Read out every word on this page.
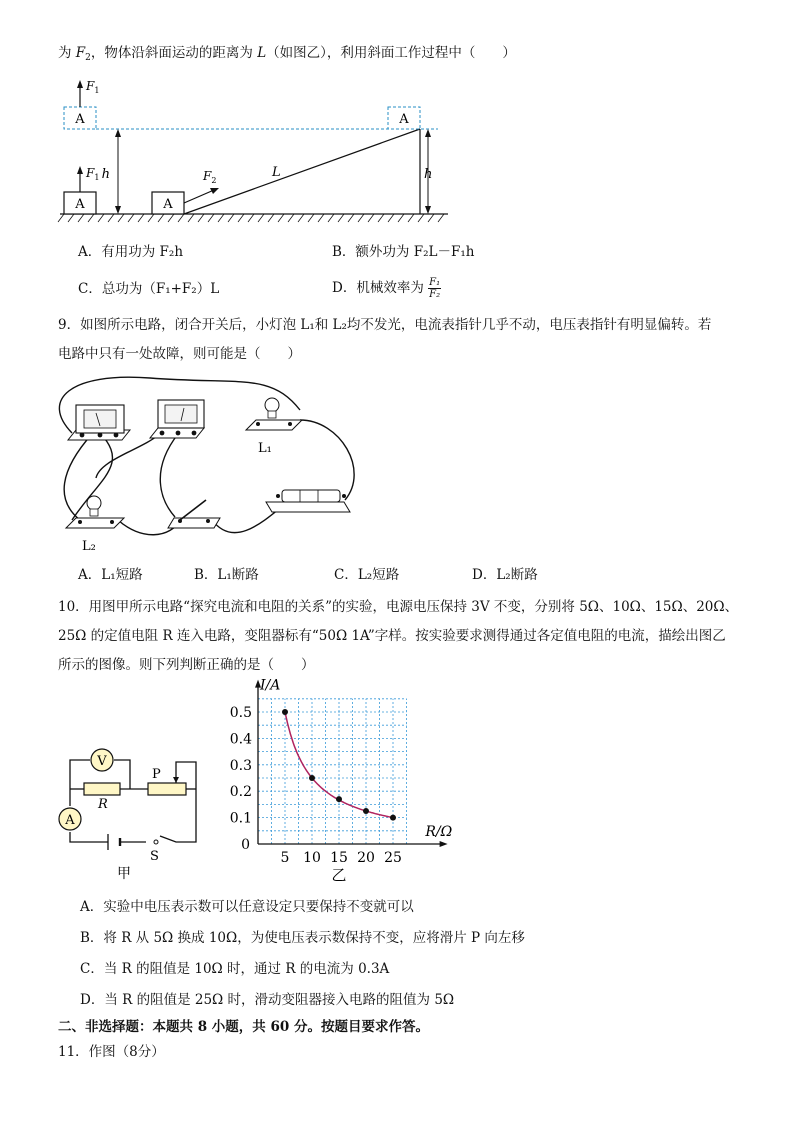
为 $F_2$，物体沿斜面运动的距离为 L（如图乙），利用斜面工作过程中（　　）
A
$F_1$
A
$F_1$ h
A
$F_2$
L
A
h
A．有用功为 F₂h	B．额外功为 F₂L－F₁h
C．总功为（F₁+F₂）L	D．机械效率为 $\frac{\text{F₁}}{\text{F₂}}$
9．如图所示电路，闭合开关后，小灯泡 L₁和 L₂均不发光，电流表指针几乎不动，电压表指针有明显偏转。若
电路中只有一处故障，则可能是（　　）
L₁
L₂
A．L₁短路	B．L₁断路	C．L₂短路	D．L₂断路
10．用图甲所示电路“探究电流和电阻的关系”的实验，电源电压保持 3V 不变，分别将 5Ω、10Ω、15Ω、20Ω、
25Ω 的定值电阻 R 连入电路，变阻器标有“50Ω 1A”字样。按实验要求测得通过各定值电阻的电流，描绘出图乙
所示的图像。则下列判断正确的是（　　）
V
A
R
P
S
甲
I/A
R/Ω
0
0.1
0.2
0.3
0.4
0.5
5 10 15 20 25
乙
A．实验中电压表示数可以任意设定只要保持不变就可以
B．将 R 从 5Ω 换成 10Ω，为使电压表示数保持不变，应将滑片 P 向左移
C．当 R 的阻值是 10Ω 时，通过 R 的电流为 0.3A
D．当 R 的阻值是 25Ω 时，滑动变阻器接入电路的阻值为 5Ω
二、非选择题：本题共 8 小题，共 60 分。按题目要求作答。
11．作图（8分）
